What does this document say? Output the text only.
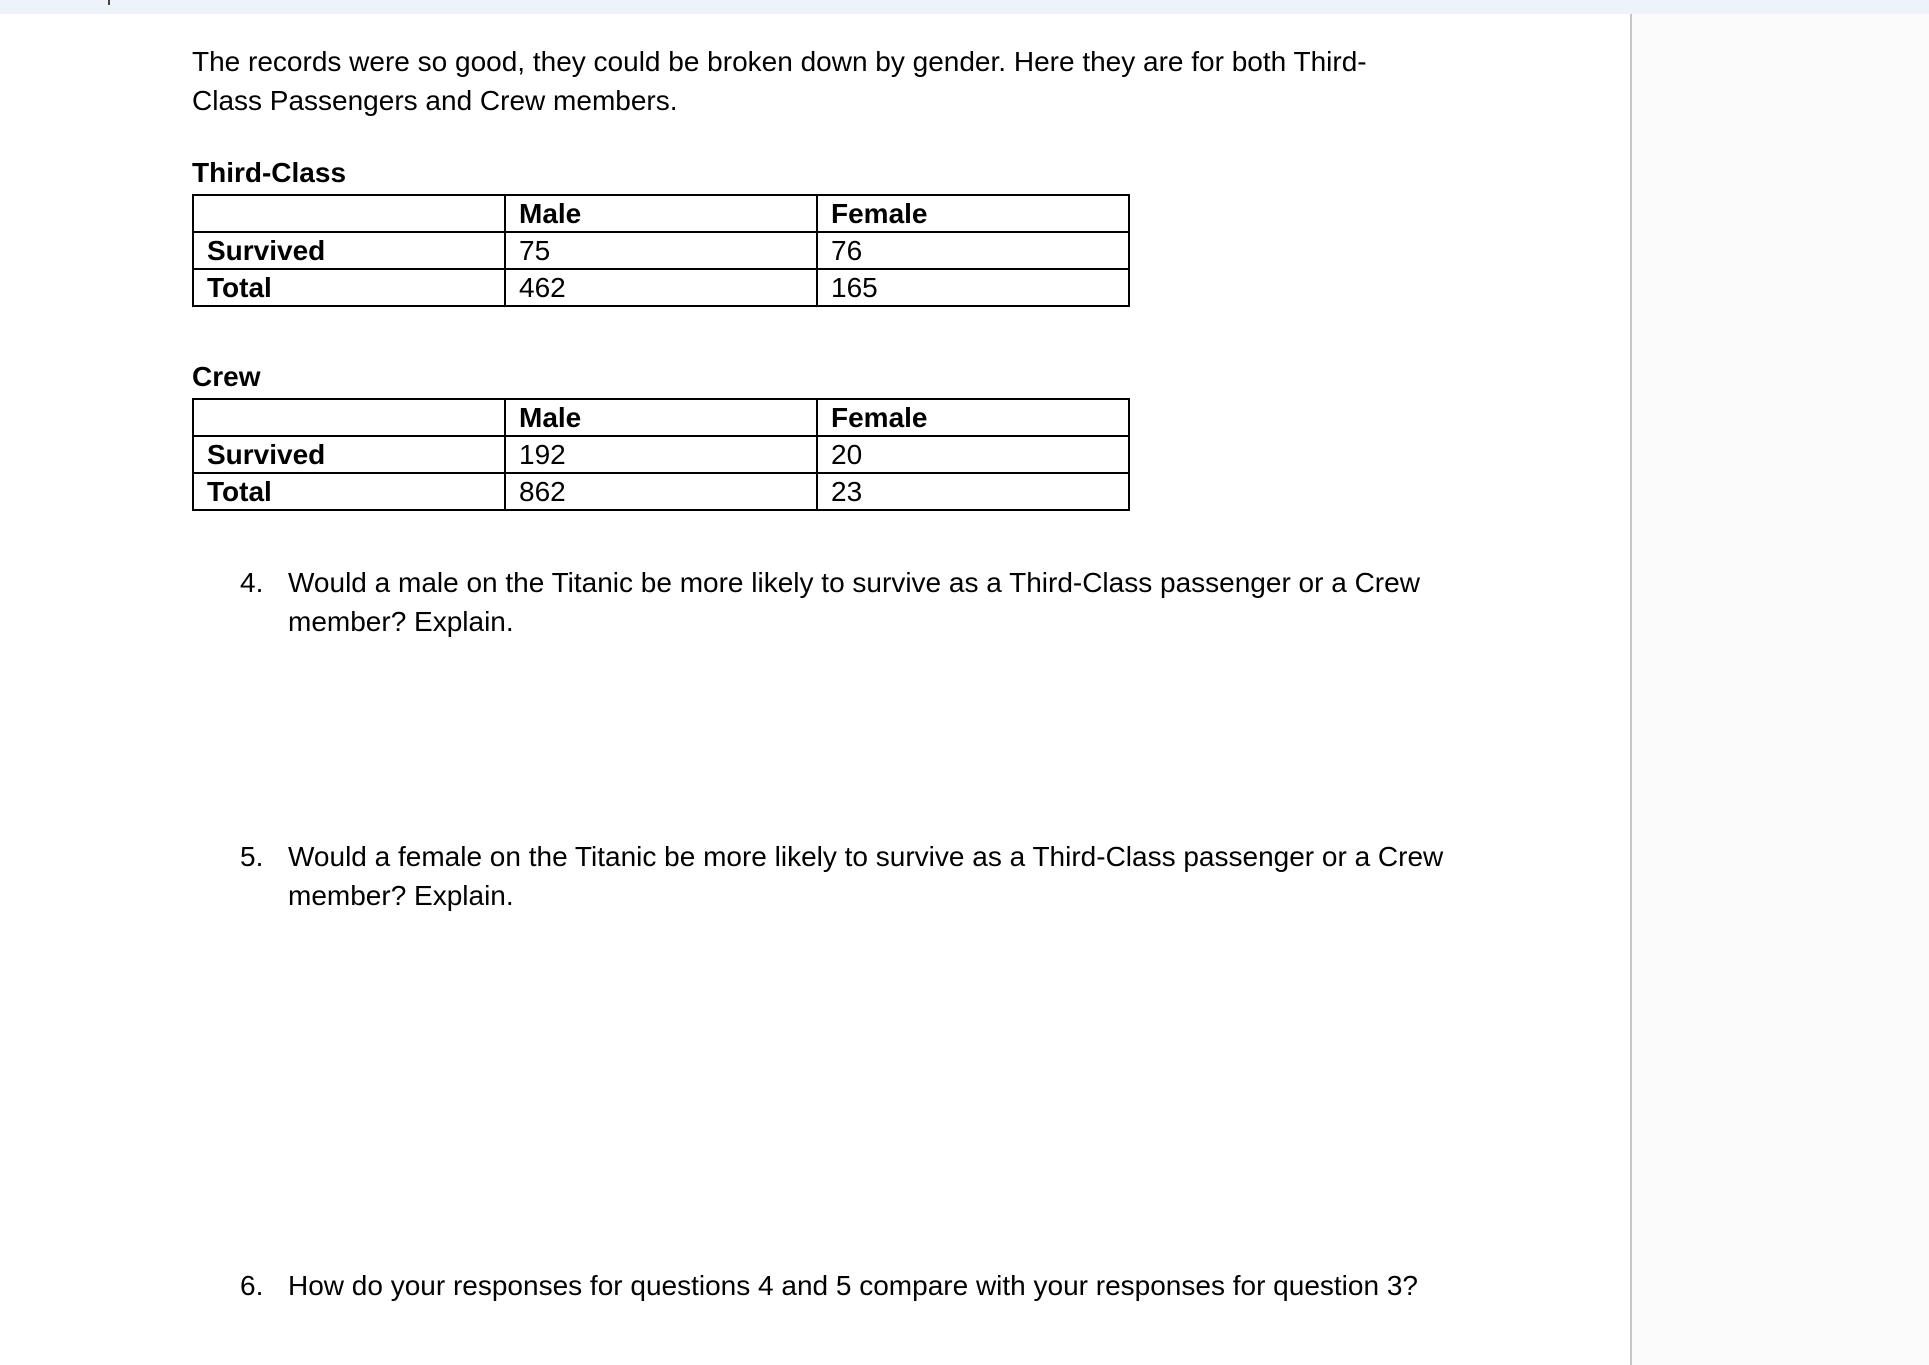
The records were so good, they could be broken down by gender. Here they are for both Third-Class Passengers and Crew members.

Third-Class

	Male	Female
Survived	75	76
Total	462	165

Crew

	Male	Female
Survived	192	20
Total	862	23
4. Would a male on the Titanic be more likely to survive as a Third-Class passenger or a Crew member? Explain.
5. Would a female on the Titanic be more likely to survive as a Third-Class passenger or a Crew member? Explain.
6. How do your responses for questions 4 and 5 compare with your responses for question 3?
